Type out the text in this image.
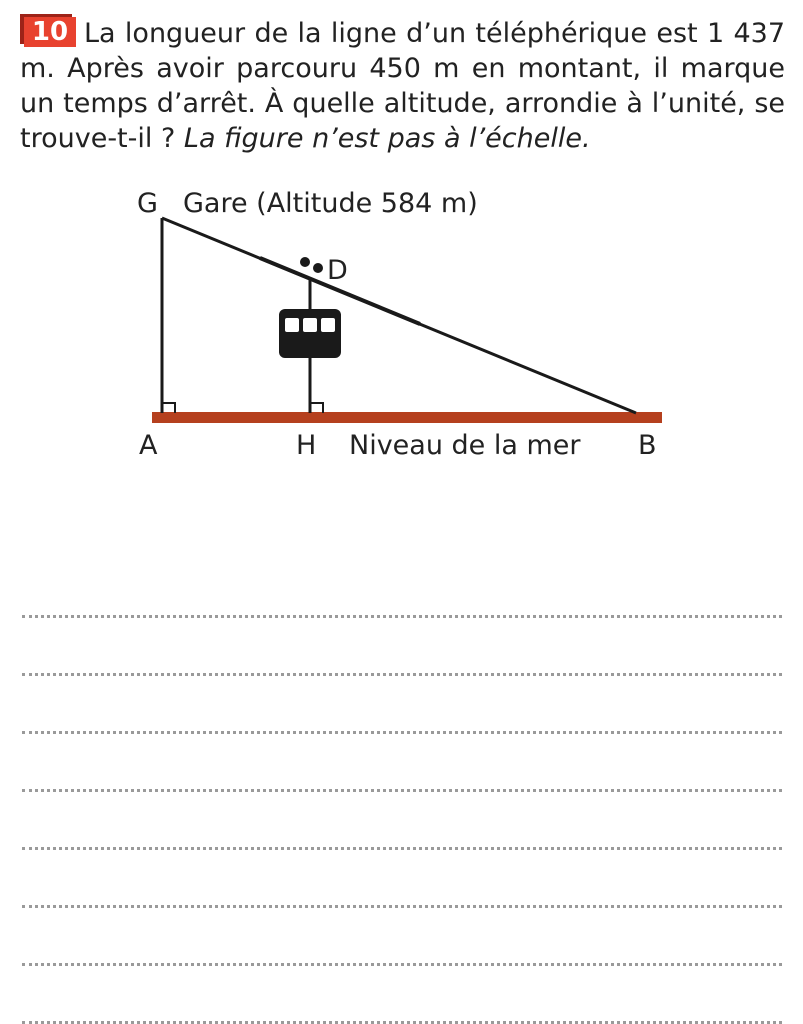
10 La longueur de la ligne d’un téléphérique est 1 437 m. Après avoir parcouru 450 m en montant, il marque un temps d’arrêt. À quelle altitude, arrondie à l’unité, se trouve-t-il ? La figure n’est pas à l’échelle.
G Gare (Altitude 584 m)
D
A	H Niveau de la mer B
